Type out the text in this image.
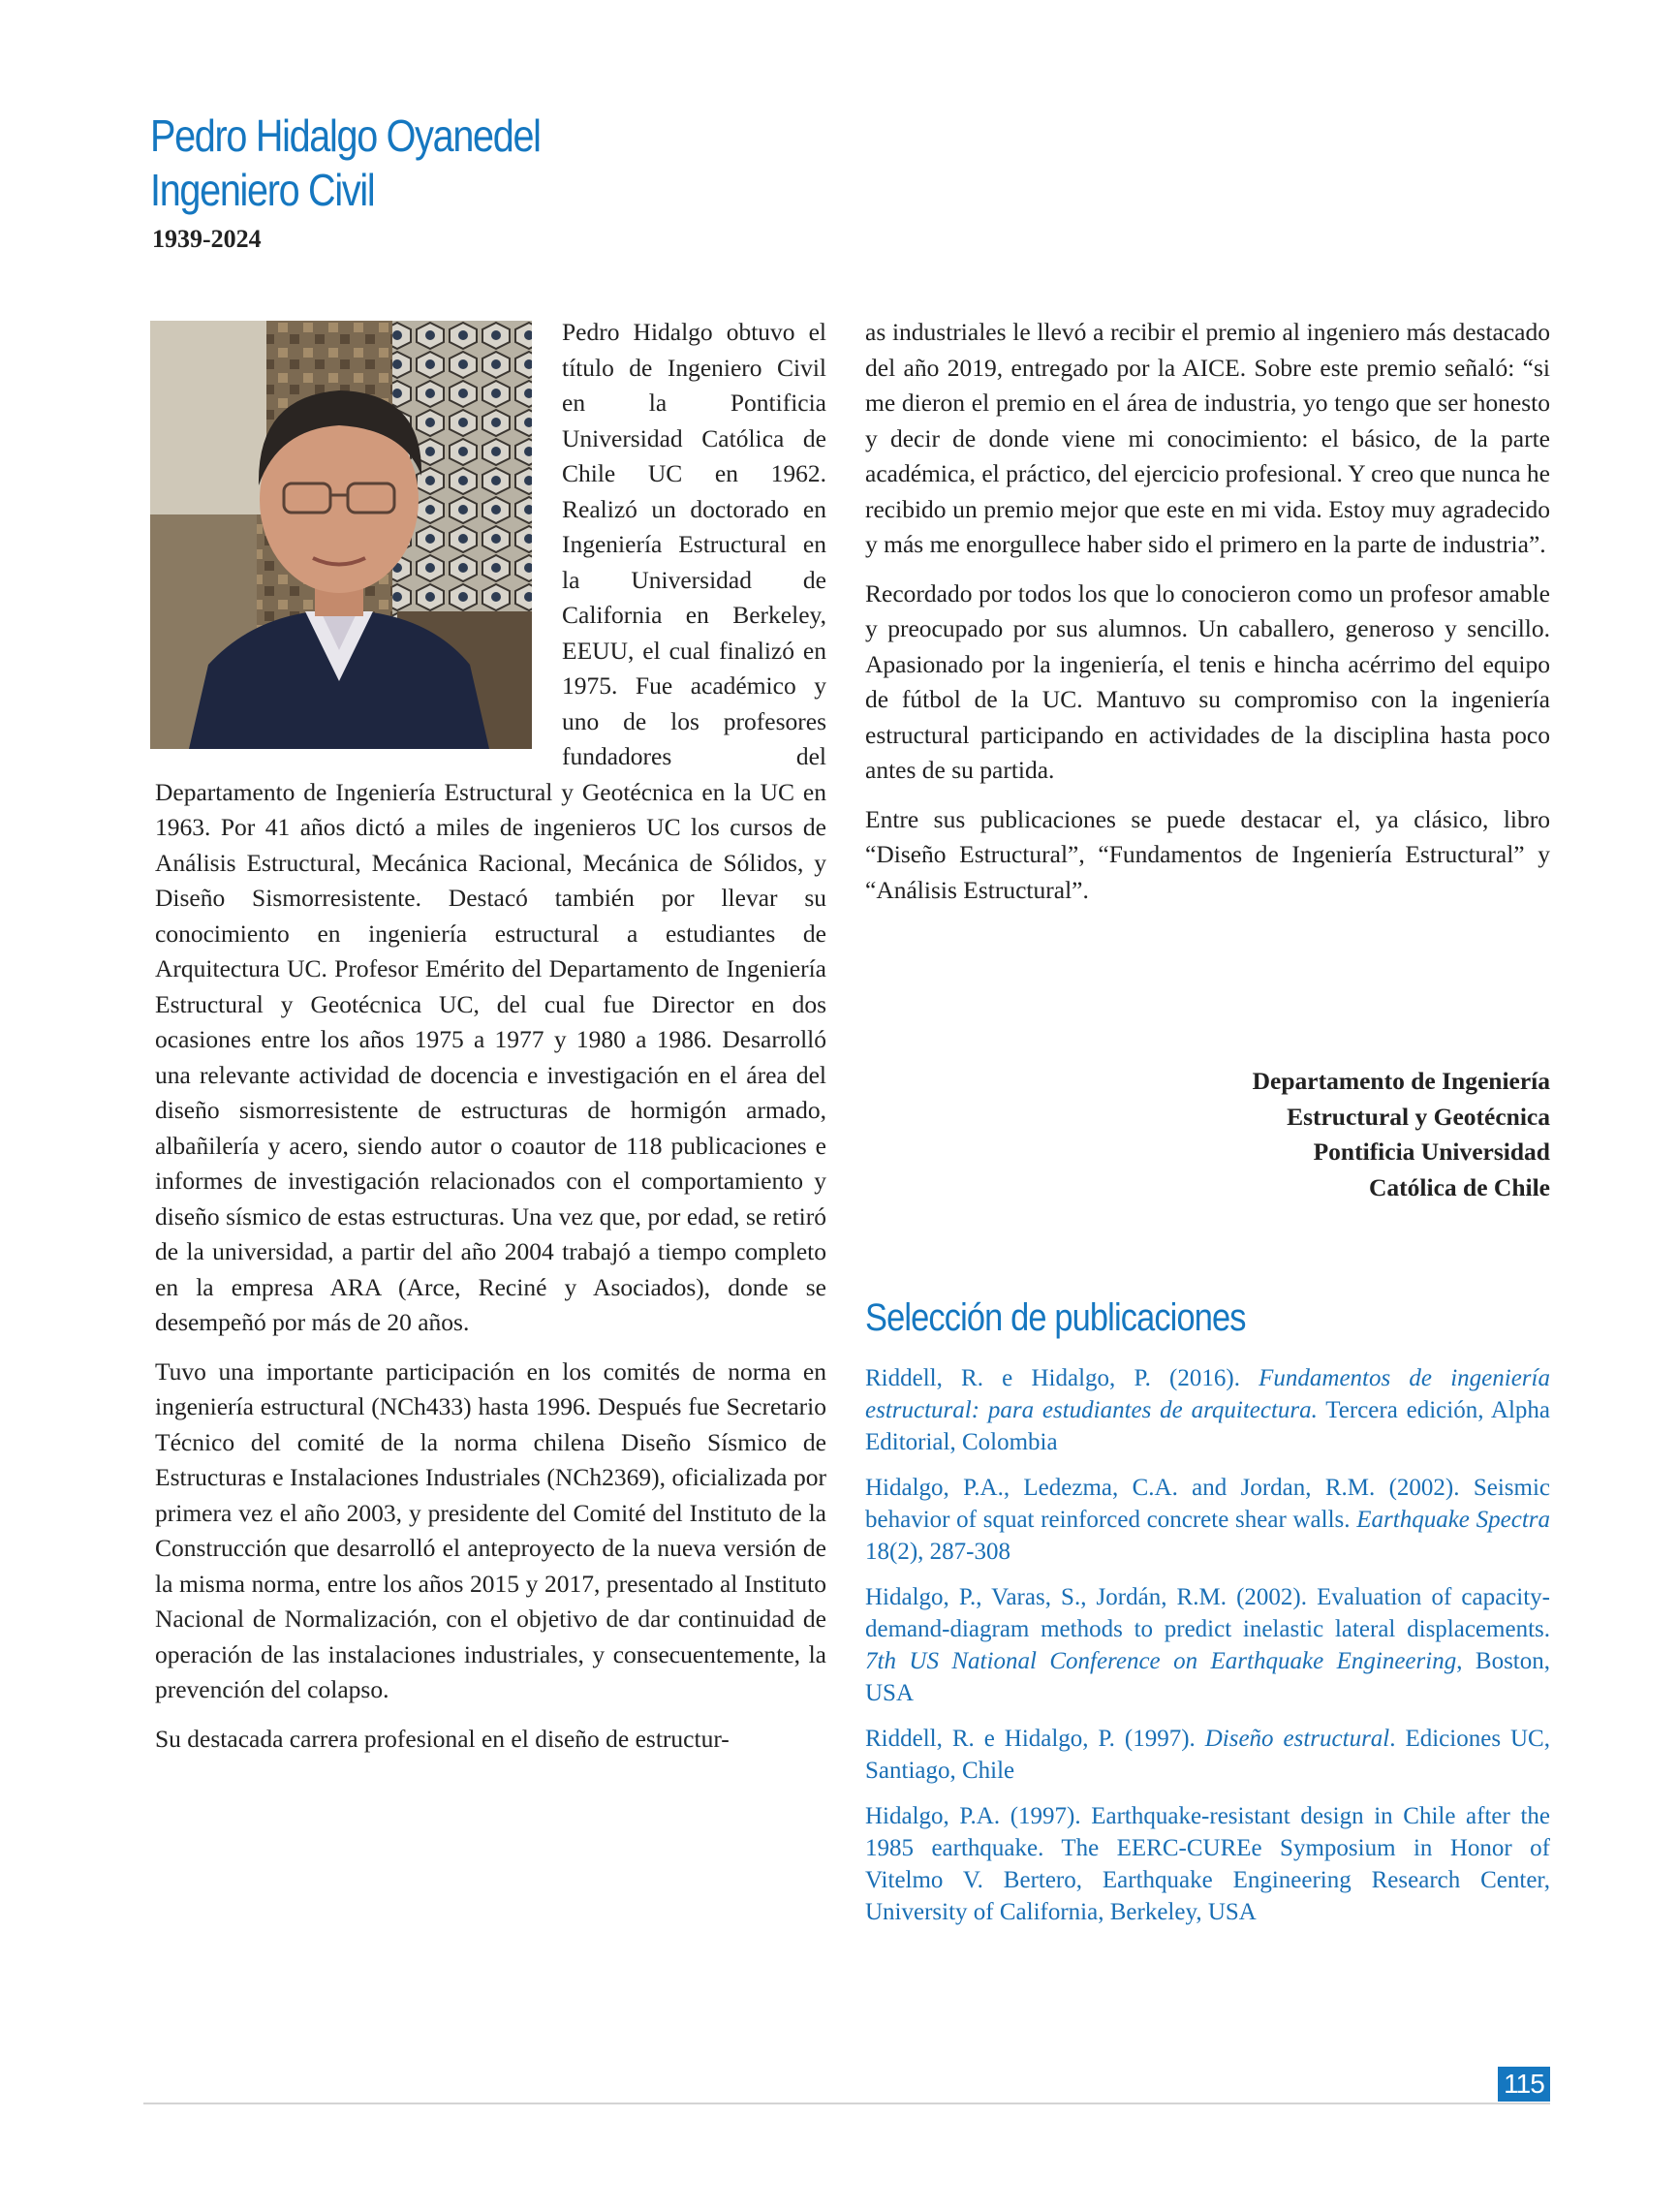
Pedro Hidalgo Oyanedel
Ingeniero Civil
1939-2024

Pedro Hidalgo obtuvo el título de Ingeniero Civil en la Pontificia Universidad Católica de Chile UC en 1962. Realizó un doctorado en Ingeniería Estructural en la Universidad de California en Berkeley, EEUU, el cual finalizó en 1975. Fue académico y uno de los profesores fundadores del Departamento de Ingeniería Estructural y Geotécnica en la UC en 1963. Por 41 años dictó a miles de ingenieros UC los cursos de Análisis Estructural, Mecánica Racional, Mecánica de Sólidos, y Diseño Sismorresistente. Destacó también por llevar su conocimiento en ingeniería estructural a estudiantes de Arquitectura UC. Profesor Emérito del Departamento de Ingeniería Estructural y Geotécnica UC, del cual fue Director en dos ocasiones entre los años 1975 a 1977 y 1980 a 1986. Desarrolló una relevante actividad de docencia e investigación en el área del diseño sismorresistente de estructuras de hormigón armado, albañilería y acero, siendo autor o coautor de 118 publicaciones e informes de investigación relacionados con el comportamiento y diseño sísmico de estas estructuras. Una vez que, por edad, se retiró de la universidad, a partir del año 2004 trabajó a tiempo completo en la empresa ARA (Arce, Reciné y Asociados), donde se desempeñó por más de 20 años.

Tuvo una importante participación en los comités de norma en ingeniería estructural (NCh433) hasta 1996. Después fue Secretario Técnico del comité de la norma chilena Diseño Sísmico de Estructuras e Instalaciones Industriales (NCh2369), oficializada por primera vez el año 2003, y presidente del Comité del Instituto de la Construcción que desarrolló el anteproyecto de la nueva versión de la misma norma, entre los años 2015 y 2017, presentado al Instituto Nacional de Normalización, con el objetivo de dar continuidad de operación de las instalaciones industriales, y consecuentemente, la prevención del colapso.

Su destacada carrera profesional en el diseño de estructur-

as industriales le llevó a recibir el premio al ingeniero más destacado del año 2019, entregado por la AICE. Sobre este premio señaló: “si me dieron el premio en el área de industria, yo tengo que ser honesto y decir de donde viene mi conocimiento: el básico, de la parte académica, el práctico, del ejercicio profesional. Y creo que nunca he recibido un premio mejor que este en mi vida. Estoy muy agradecido y más me enorgullece haber sido el primero en la parte de industria”.

Recordado por todos los que lo conocieron como un profesor amable y preocupado por sus alumnos. Un caballero, generoso y sencillo. Apasionado por la ingeniería, el tenis e hincha acérrimo del equipo de fútbol de la UC. Mantuvo su compromiso con la ingeniería estructural participando en actividades de la disciplina hasta poco antes de su partida.

Entre sus publicaciones se puede destacar el, ya clásico, libro “Diseño Estructural”, “Fundamentos de Ingeniería Estructural” y “Análisis Estructural”.

Departamento de Ingeniería
Estructural y Geotécnica
Pontificia Universidad
Católica de Chile
Selección de publicaciones
Riddell, R. e Hidalgo, P. (2016). Fundamentos de ingeniería estructural: para estudiantes de arquitectura. Tercera edición, Alpha Editorial, Colombia
Hidalgo, P.A., Ledezma, C.A. and Jordan, R.M. (2002). Seismic behavior of squat reinforced concrete shear walls. Earthquake Spectra 18(2), 287-308
Hidalgo, P., Varas, S., Jordán, R.M. (2002). Evaluation of capacity-demand-diagram methods to predict inelastic lateral displacements. 7th US National Conference on Earthquake Engineering, Boston, USA
Riddell, R. e Hidalgo, P. (1997). Diseño estructural. Ediciones UC, Santiago, Chile
Hidalgo, P.A. (1997). Earthquake-resistant design in Chile after the 1985 earthquake. The EERC-CUREe Symposium in Honor of Vitelmo V. Bertero, Earthquake Engineering Research Center, University of California, Berkeley, USA
115
